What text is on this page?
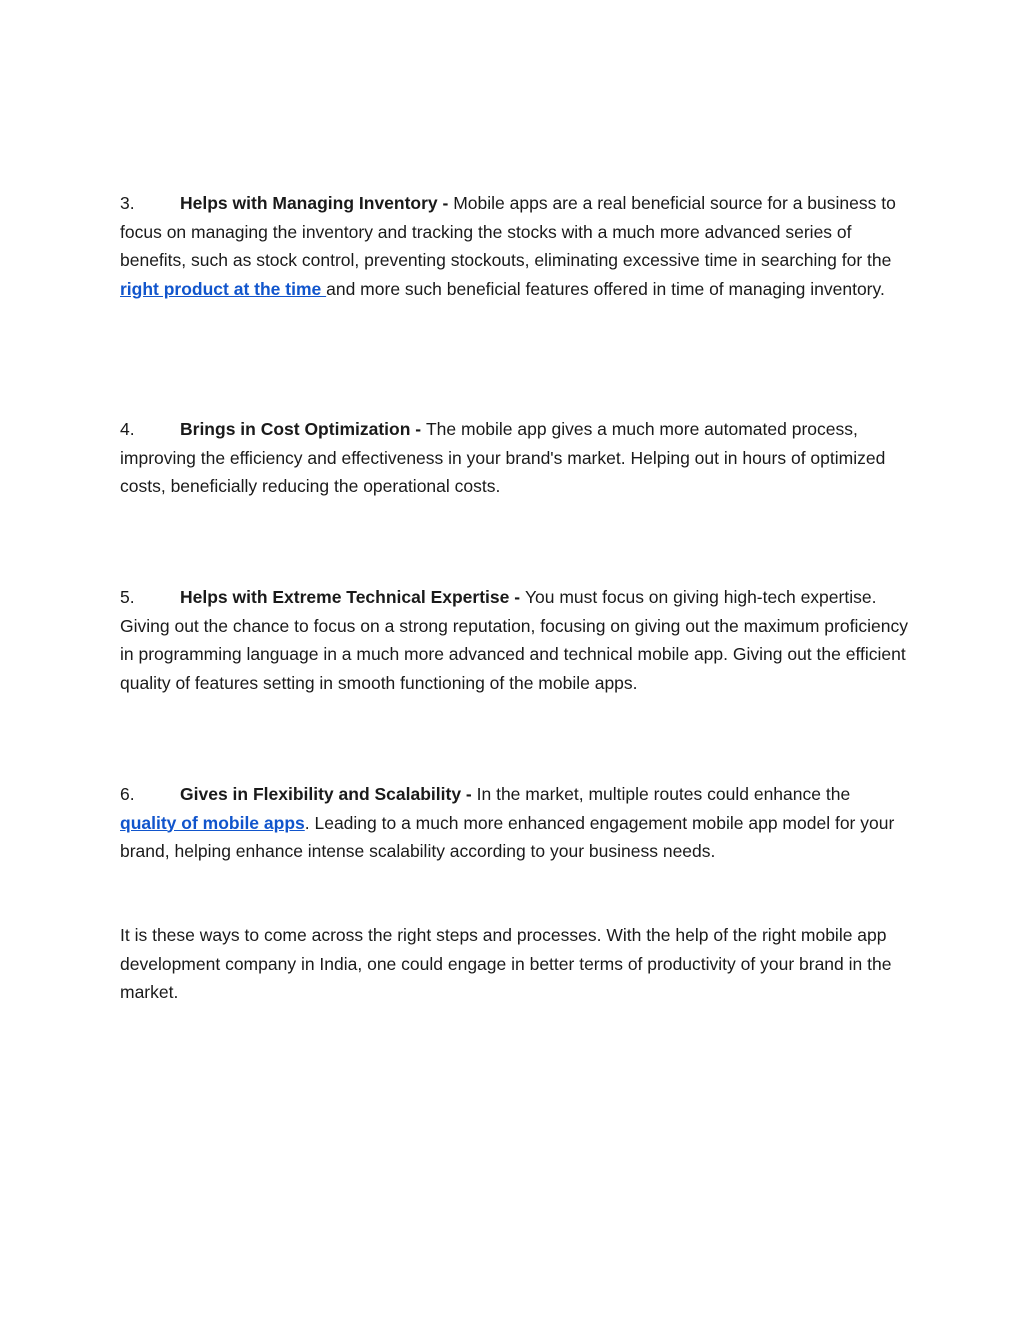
3.	Helps with Managing Inventory - Mobile apps are a real beneficial source for a business to focus on managing the inventory and tracking the stocks with a much more advanced series of benefits, such as stock control, preventing stockouts, eliminating excessive time in searching for the right product at the time and more such beneficial features offered in time of managing inventory.
4.	Brings in Cost Optimization - The mobile app gives a much more automated process, improving the efficiency and effectiveness in your brand's market. Helping out in hours of optimized costs, beneficially reducing the operational costs.
5.	Helps with Extreme Technical Expertise - You must focus on giving high-tech expertise. Giving out the chance to focus on a strong reputation, focusing on giving out the maximum proficiency in programming language in a much more advanced and technical mobile app. Giving out the efficient quality of features setting in smooth functioning of the mobile apps.
6.	Gives in Flexibility and Scalability - In the market, multiple routes could enhance the quality of mobile apps. Leading to a much more enhanced engagement mobile app model for your brand, helping enhance intense scalability according to your business needs.
It is these ways to come across the right steps and processes. With the help of the right mobile app development company in India, one could engage in better terms of productivity of your brand in the market.
